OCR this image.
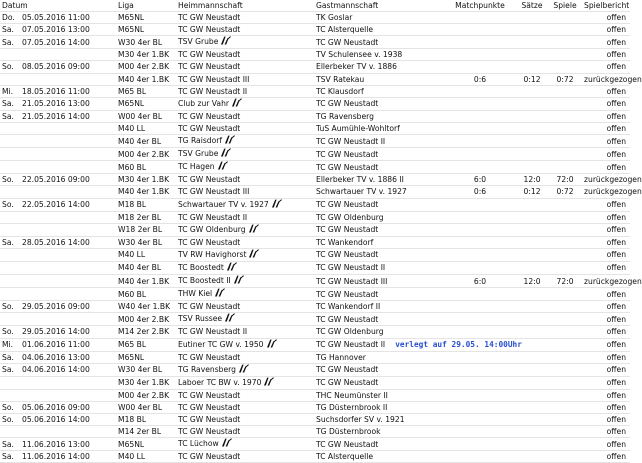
Datum		Liga	Heimmannschaft	Gastmannschaft	Matchpunkte	Sätze	Spiele	Spielbericht
Do.	05.05.2016 11:00	M65NL	TC GW Neustadt	TK Goslar				offen
Sa.	07.05.2016 13:00	M65NL	TC GW Neustadt	TC Alsterquelle				offen
Sa.	07.05.2016 14:00	W30 4er BL	TSV Grube	TC GW Neustadt				offen
		M30 4er 1.BK	TC GW Neustadt	TV Schulensee v. 1938				offen
So.	08.05.2016 09:00	M00 4er 2.BK	TC GW Neustadt	Ellerbeker TV v. 1886				offen
		M40 4er 1.BK	TC GW Neustadt III	TSV Ratekau	0:6	0:12	0:72	zurückgezogen
Mi.	18.05.2016 11:00	M65 BL	TC GW Neustadt II	TC Klausdorf				offen
Sa.	21.05.2016 13:00	M65NL	Club zur Vahr	TC GW Neustadt				offen
Sa.	21.05.2016 14:00	W00 4er BL	TC GW Neustadt	TG Ravensberg				offen
		M40 LL	TC GW Neustadt	TuS Aumühle-Wohltorf				offen
		M40 4er BL	TG Raisdorf	TC GW Neustadt II				offen
		M00 4er 2.BK	TSV Grube	TC GW Neustadt				offen
		M60 BL	TC Hagen	TC GW Neustadt				offen
So.	22.05.2016 09:00	M30 4er 1.BK	TC GW Neustadt	Ellerbeker TV v. 1886 II	6:0	12:0	72:0	zurückgezogen
		M40 4er 1.BK	TC GW Neustadt III	Schwartauer TV v. 1927	0:6	0:12	0:72	zurückgezogen
So.	22.05.2016 14:00	M18 BL	Schwartauer TV v. 1927	TC GW Neustadt				offen
		M18 2er BL	TC GW Neustadt II	TC GW Oldenburg				offen
		W18 2er BL	TC GW Oldenburg	TC GW Neustadt				offen
Sa.	28.05.2016 14:00	W30 4er BL	TC GW Neustadt	TC Wankendorf				offen
		M40 LL	TV RW Havighorst	TC GW Neustadt				offen
		M40 4er BL	TC Boostedt	TC GW Neustadt II				offen
		M40 4er 1.BK	TC Boostedt II	TC GW Neustadt III	6:0	12:0	72:0	zurückgezogen
		M60 BL	THW Kiel	TC GW Neustadt				offen
So.	29.05.2016 09:00	W40 4er 1.BK	TC GW Neustadt	TC Wankendorf II				offen
		M00 4er 2.BK	TSV Russee	TC GW Neustadt				offen
So.	29.05.2016 14:00	M14 2er 2.BK	TC GW Neustadt II	TC GW Oldenburg				offen
Mi.	01.06.2016 11:00	M65 BL	Eutiner TC GW v. 1950	TC GW Neustadt II verlegt auf 29.05. 14:00Uhr				offen
Sa.	04.06.2016 13:00	M65NL	TC GW Neustadt	TG Hannover				offen
Sa.	04.06.2016 14:00	W30 4er BL	TG Ravensberg	TC GW Neustadt				offen
		M30 4er 1.BK	Laboer TC BW v. 1970	TC GW Neustadt				offen
		M00 4er 2.BK	TC GW Neustadt	THC Neumünster II				offen
So.	05.06.2016 09:00	W00 4er BL	TC GW Neustadt	TG Düsternbrook II				offen
So.	05.06.2016 14:00	M18 BL	TC GW Neustadt	Suchsdorfer SV v. 1921				offen
		M14 2er BL	TC GW Neustadt	TG Düsternbrook				offen
Sa.	11.06.2016 13:00	M65NL	TC Lüchow	TC GW Neustadt				offen
Sa.	11.06.2016 14:00	M40 LL	TC GW Neustadt	TC Alsterquelle				offen
